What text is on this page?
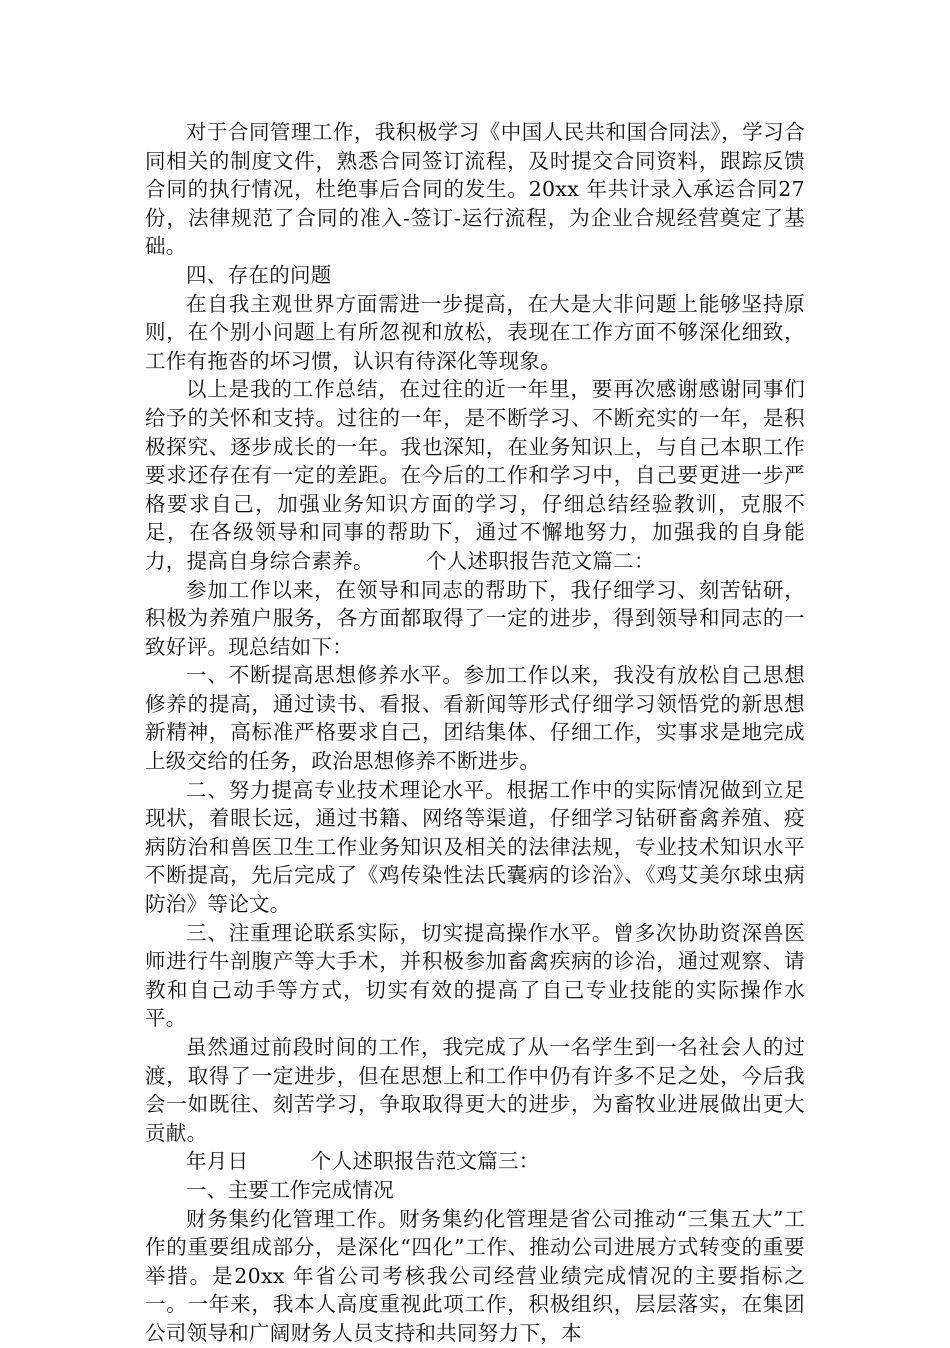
对于合同管理工作，我积极学习《中国人民共和国合同法》，学习合同相关的制度文件，熟悉合同签订流程，及时提交合同资料，跟踪反馈合同的执行情况，杜绝事后合同的发生。20xx 年共计录入承运合同27 份，法律规范了合同的准入-签订-运行流程，为企业合规经营奠定了基础。

四、存在的问题

在自我主观世界方面需进一步提高，在大是大非问题上能够坚持原则，在个别小问题上有所忽视和放松，表现在工作方面不够深化细致，工作有拖沓的坏习惯，认识有待深化等现象。

以上是我的工作总结，在过往的近一年里，要再次感谢感谢同事们给予的关怀和支持。过往的一年，是不断学习、不断充实的一年，是积极探究、逐步成长的一年。我也深知，在业务知识上，与自己本职工作要求还存在有一定的差距。在今后的工作和学习中，自己要更进一步严格要求自己，加强业务知识方面的学习，仔细总结经验教训，克服不足，在各级领导和同事的帮助下，通过不懈地努力，加强我的自身能力，提高自身综合素养。　　　个人述职报告范文篇二：

参加工作以来，在领导和同志的帮助下，我仔细学习、刻苦钻研，积极为养殖户服务，各方面都取得了一定的进步，得到领导和同志的一致好评。现总结如下：

一、不断提高思想修养水平。参加工作以来，我没有放松自己思想修养的提高，通过读书、看报、看新闻等形式仔细学习领悟党的新思想新精神，高标准严格要求自己，团结集体、仔细工作，实事求是地完成上级交给的任务，政治思想修养不断进步。

二、努力提高专业技术理论水平。根据工作中的实际情况做到立足现状，着眼长远，通过书籍、网络等渠道，仔细学习钻研畜禽养殖、疫病防治和兽医卫生工作业务知识及相关的法律法规，专业技术知识水平不断提高，先后完成了《鸡传染性法氏囊病的诊治》、《鸡艾美尔球虫病防治》等论文。

三、注重理论联系实际，切实提高操作水平。曾多次协助资深兽医师进行牛剖腹产等大手术，并积极参加畜禽疾病的诊治，通过观察、请教和自己动手等方式，切实有效的提高了自己专业技能的实际操作水平。

虽然通过前段时间的工作，我完成了从一名学生到一名社会人的过渡，取得了一定进步，但在思想上和工作中仍有许多不足之处，今后我会一如既往、刻苦学习，争取取得更大的进步，为畜牧业进展做出更大贡献。

年月日　　　个人述职报告范文篇三：

一、主要工作完成情况

财务集约化管理工作。财务集约化管理是省公司推动“三集五大”工作的重要组成部分，是深化“四化”工作、推动公司进展方式转变的重要举措。是20xx 年省公司考核我公司经营业绩完成情况的主要指标之一。一年来，我本人高度重视此项工作，积极组织，层层落实，在集团公司领导和广阔财务人员支持和共同努力下，本
